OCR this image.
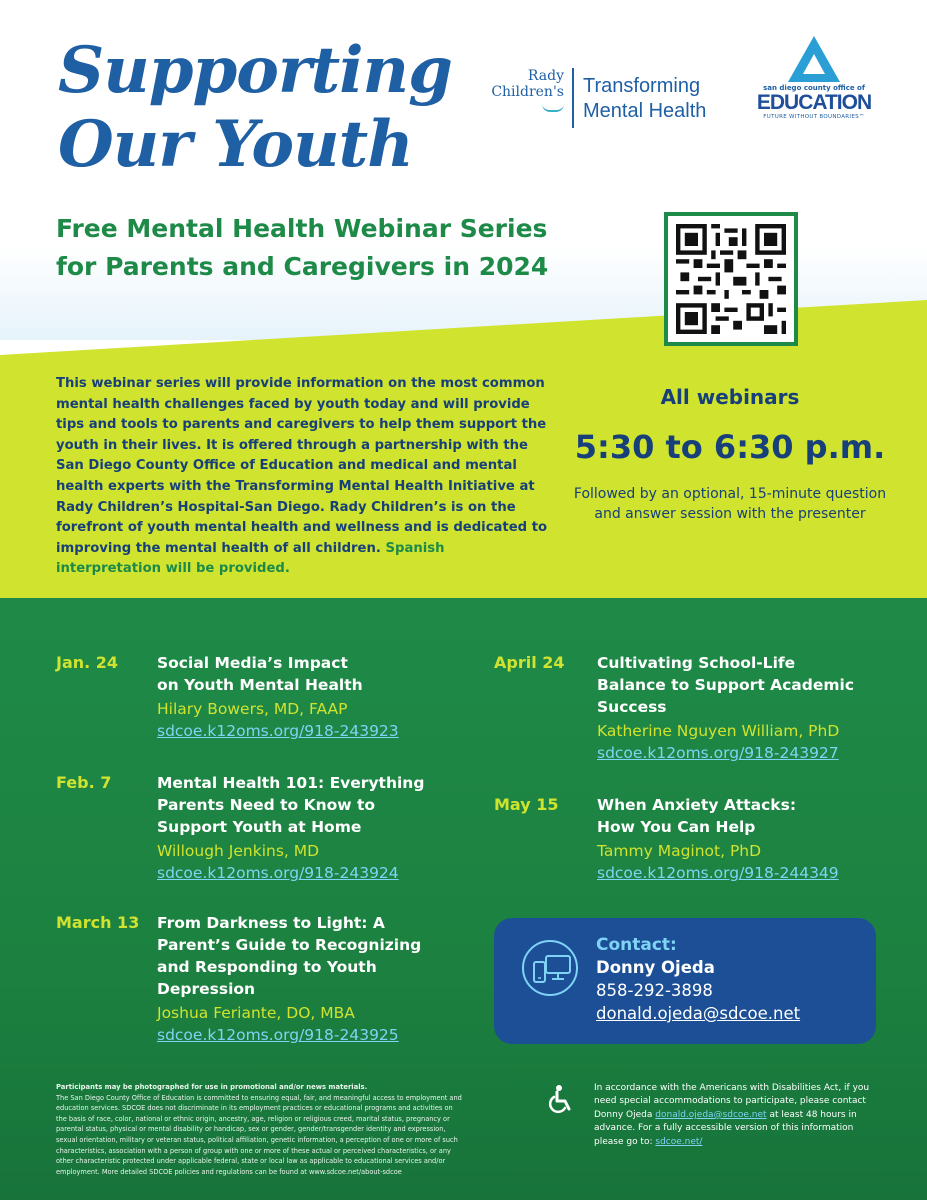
Supporting
Our Youth
Rady
Children's Transforming
Mental Health
san diego county office of
EDUCATION
FUTURE WITHOUT BOUNDARIES™
Free Mental Health Webinar Series
for Parents and Caregivers in 2024
This webinar series will provide information on the most common mental health challenges faced by youth today and will provide tips and tools to parents and caregivers to help them support the youth in their lives. It is offered through a partnership with the San Diego County Office of Education and medical and mental health experts with the Transforming Mental Health Initiative at Rady Children’s Hospital-San Diego. Rady Children’s is on the forefront of youth mental health and wellness and is dedicated to improving the mental health of all children. Spanish interpretation will be provided.
All webinars
5:30 to 6:30 p.m.
Followed by an optional, 15-minute question and answer session with the presenter
Jan. 24	Social Media’s Impact
on Youth Mental Health
Hilary Bowers, MD, FAAP
sdcoe.k12oms.org/918-243923
Feb. 7	Mental Health 101: Everything
Parents Need to Know to
Support Youth at Home
Willough Jenkins, MD
sdcoe.k12oms.org/918-243924
March 13 From Darkness to Light: A
Parent’s Guide to Recognizing
and Responding to Youth
Depression
Joshua Feriante, DO, MBA
sdcoe.k12oms.org/918-243925
April 24 Cultivating School-Life
Balance to Support Academic
Success
Katherine Nguyen William, PhD
sdcoe.k12oms.org/918-243927
May 15 When Anxiety Attacks:
How You Can Help
Tammy Maginot, PhD
sdcoe.k12oms.org/918-244349
Contact:
Donny Ojeda
858-292-3898
donald.ojeda@sdcoe.net
Participants may be photographed for use in promotional and/or news materials.
The San Diego County Office of Education is committed to ensuring equal, fair, and meaningful access to employment and education services. SDCOE does not discriminate in its employment practices or educational programs and activities on the basis of race, color, national or ethnic origin, ancestry, age, religion or religious creed, marital status, pregnancy or parental status, physical or mental disability or handicap, sex or gender, gender/transgender identity and expression, sexual orientation, military or veteran status, political affiliation, genetic information, a perception of one or more of such characteristics, association with a person of group with one or more of these actual or perceived characteristics, or any other characteristic protected under applicable federal, state or local law as applicable to educational services and/or employment. More detailed SDCOE policies and regulations can be found at www.sdcoe.net/about-sdcoe
In accordance with the Americans with Disabilities Act, if you need special accommodations to participate, please contact Donny Ojeda donald.ojeda@sdcoe.net at least 48 hours in advance. For a fully accessible version of this information please go to: sdcoe.net/
